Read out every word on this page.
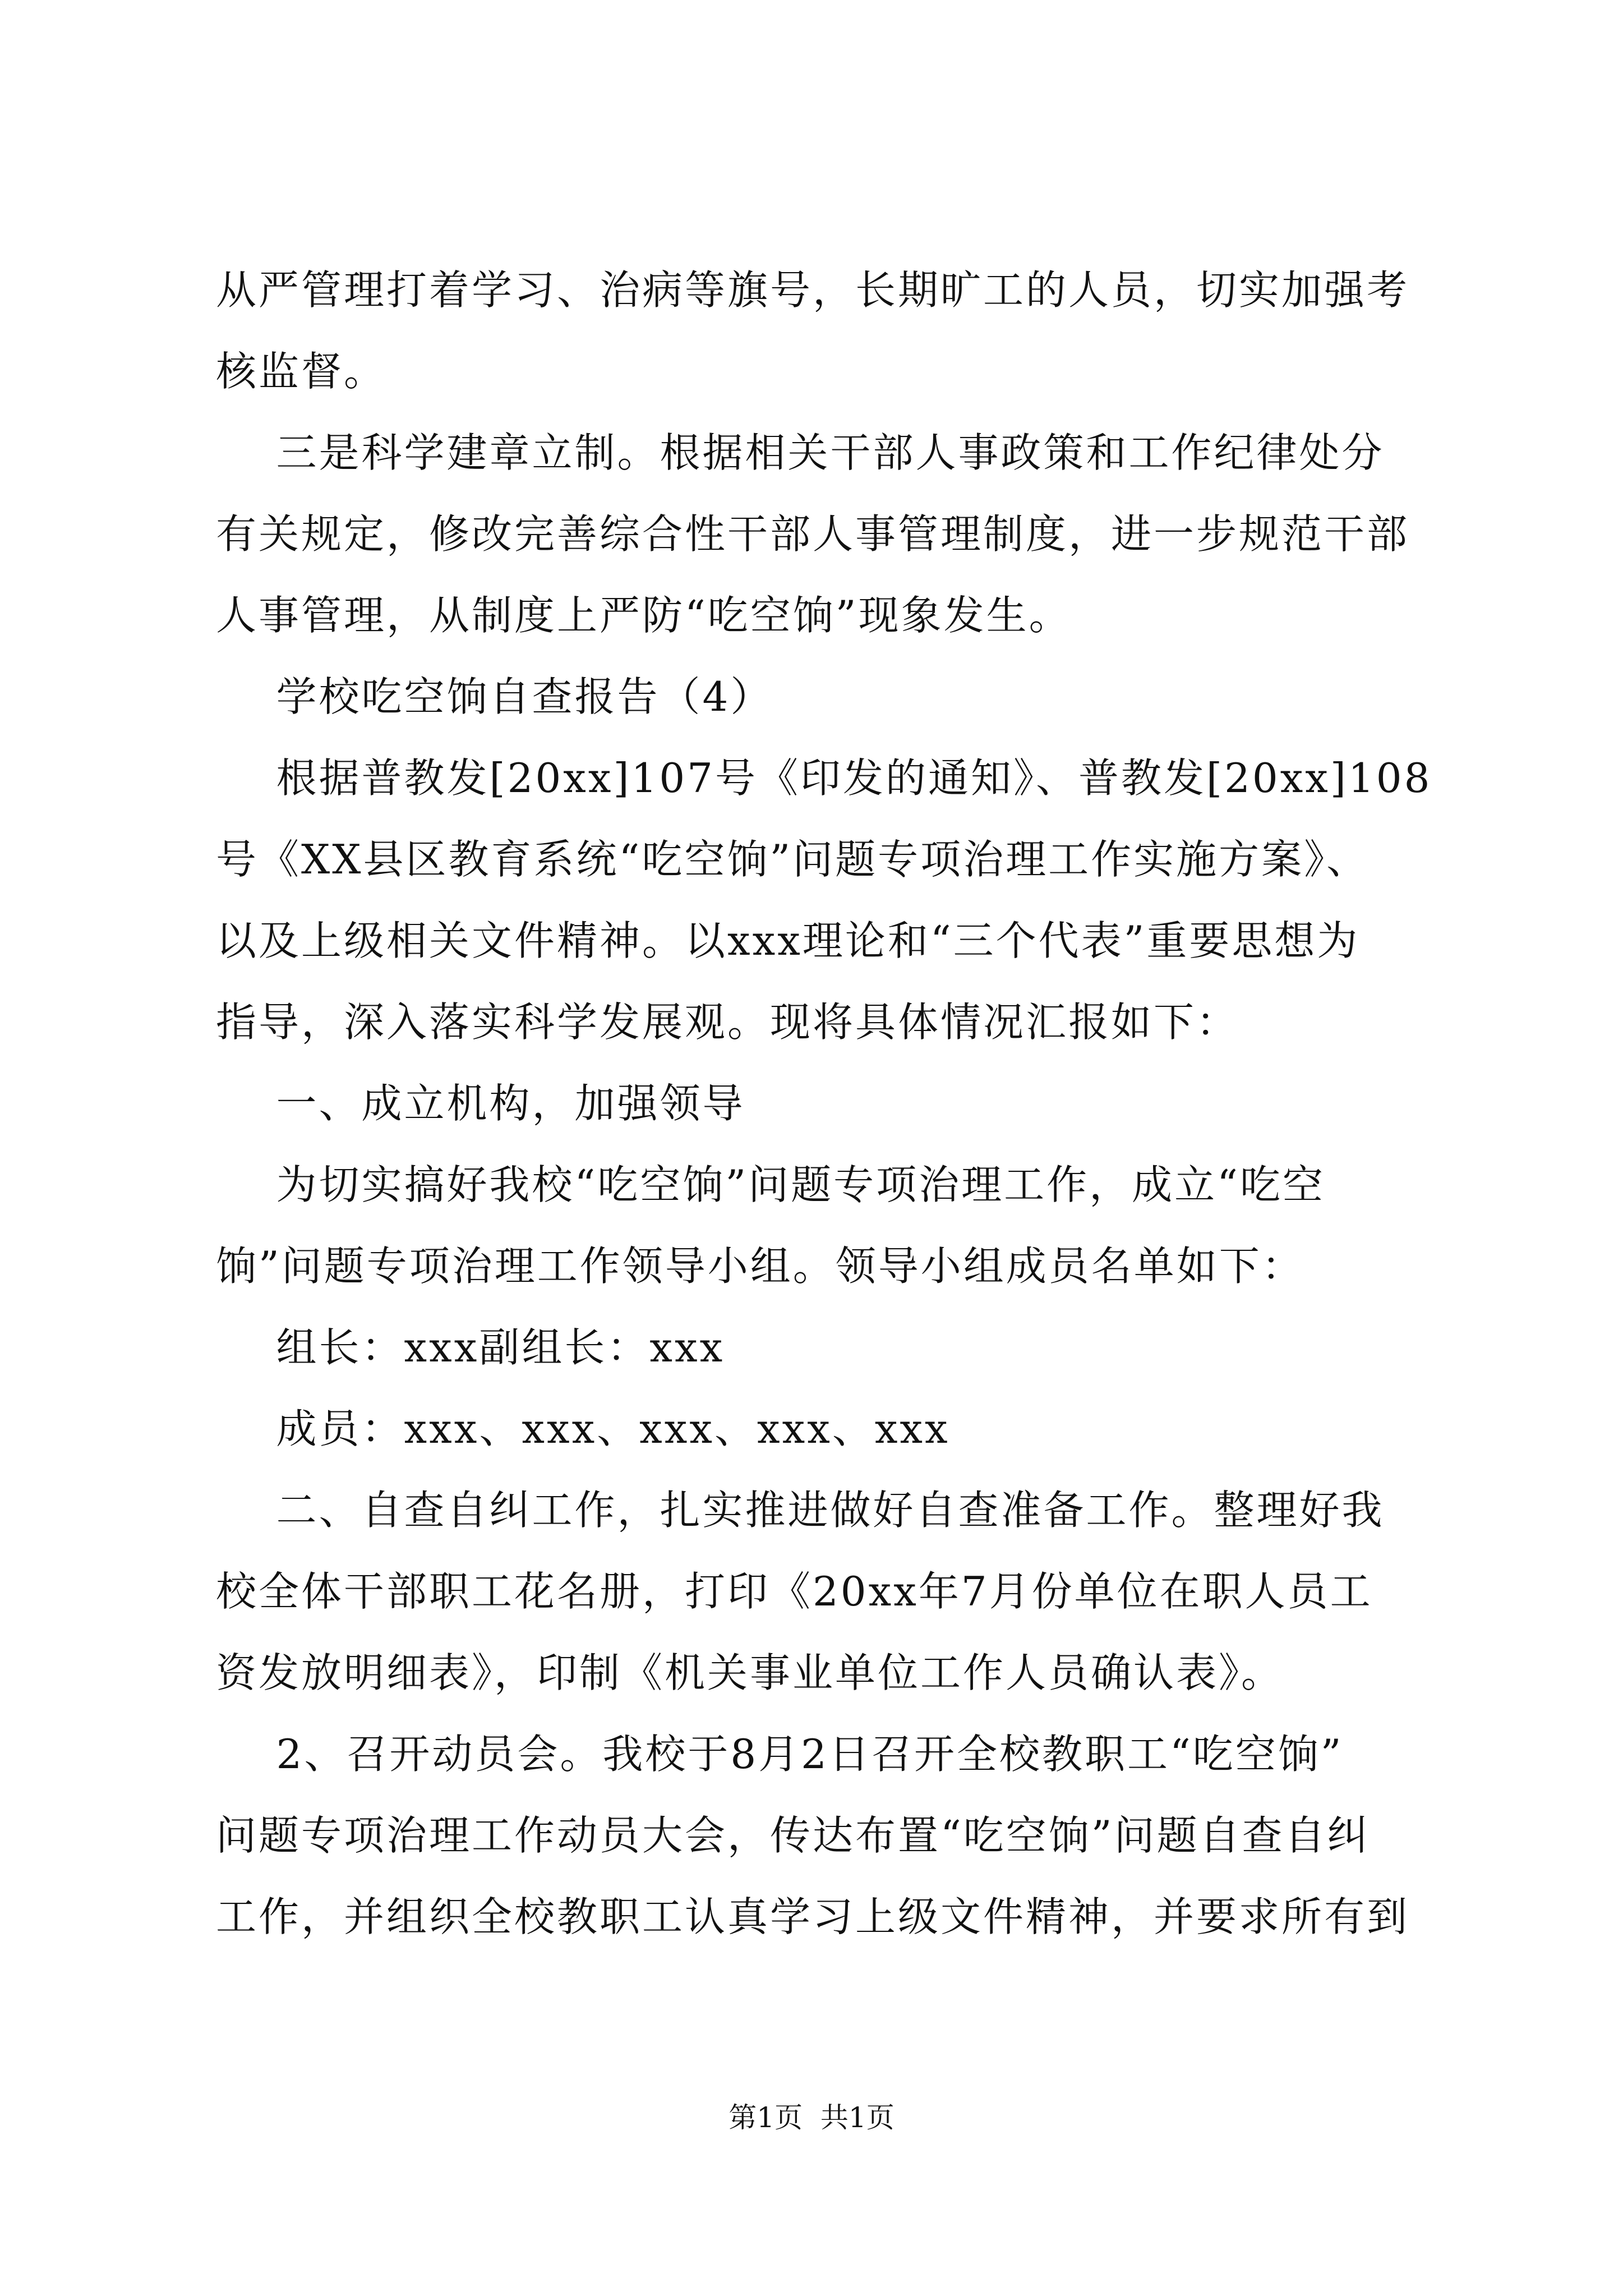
从严管理打着学习、治病等旗号，长期旷工的人员，切实加强考
核监督。
三是科学建章立制。根据相关干部人事政策和工作纪律处分
有关规定，修改完善综合性干部人事管理制度，进一步规范干部
人事管理，从制度上严防“吃空饷”现象发生。
学校吃空饷自查报告（4）
根据普教发[20xx]107号《印发的通知》、普教发[20xx]108
号《XX县区教育系统“吃空饷”问题专项治理工作实施方案》、
以及上级相关文件精神。以xxx理论和“三个代表”重要思想为
指导，深入落实科学发展观。现将具体情况汇报如下：
一、成立机构，加强领导
为切实搞好我校“吃空饷”问题专项治理工作，成立“吃空
饷”问题专项治理工作领导小组。领导小组成员名单如下：
组长：xxx副组长：xxx
成员：xxx、xxx、xxx、xxx、xxx
二、自查自纠工作，扎实推进做好自查准备工作。整理好我
校全体干部职工花名册，打印《20xx年7月份单位在职人员工
资发放明细表》，印制《机关事业单位工作人员确认表》。
2、召开动员会。我校于8月2日召开全校教职工“吃空饷”
问题专项治理工作动员大会，传达布置“吃空饷”问题自查自纠
工作，并组织全校教职工认真学习上级文件精神，并要求所有到
第1页  共1页
